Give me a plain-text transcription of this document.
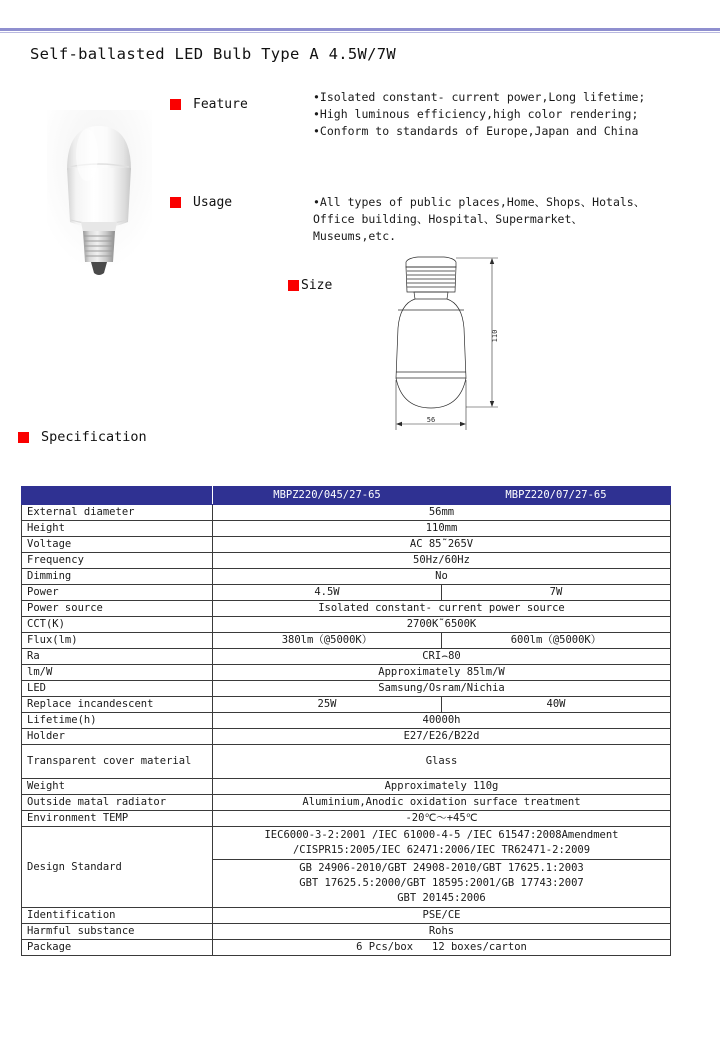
Self-ballasted LED Bulb Type A 4.5W/7W
Feature	•Isolated constant- current power,Long lifetime;
•High luminous efficiency,high color rendering;
•Conform to standards of Europe,Japan and China
Usage	•All types of public places,Home、Shops、Hotals、
Office building、Hospital、Supermarket、
Museums,etc.
Size
110
56
Specification
	MBPZ220/045/27-65	MBPZ220/07/27-65
External diameter	56mm	
Height	110mm	
Voltage	AC 85˜265V	
Frequency	50Hz/60Hz	
Dimming	No	
Power	4.5W	7W
Power source	Isolated constant- current power source	
CCT(K)	2700K˜6500K	
Flux(lm)	380lm（@5000K）	600lm（@5000K）
Ra	CRI⌢80	
lm/W	Approximately 85lm/W	
LED	Samsung/Osram/Nichia	
Replace incandescent	25W	40W
Lifetime(h)	40000h	
Holder	E27/E26/B22d	
Transparent cover material	Glass	
Weight	Approximately 110g	
Outside matal radiator	Aluminium,Anodic oxidation surface treatment	
Environment TEMP	-20℃～+45℃	
Design Standard	IEC6000-3-2:2001 /IEC 61000-4-5 /IEC 61547:2008Amendment
/CISPR15:2005/IEC 62471:2006/IEC TR62471-2:2009	

	GB 24906-2010/GBT 24908-2010/GBT 17625.1:2003
GBT 17625.5:2000/GBT 18595:2001/GB 17743:2007
GBT 20145:2006	

Identification	PSE/CE	
Harmful substance	Rohs	
Package	6 Pcs/box   12 boxes/carton	
